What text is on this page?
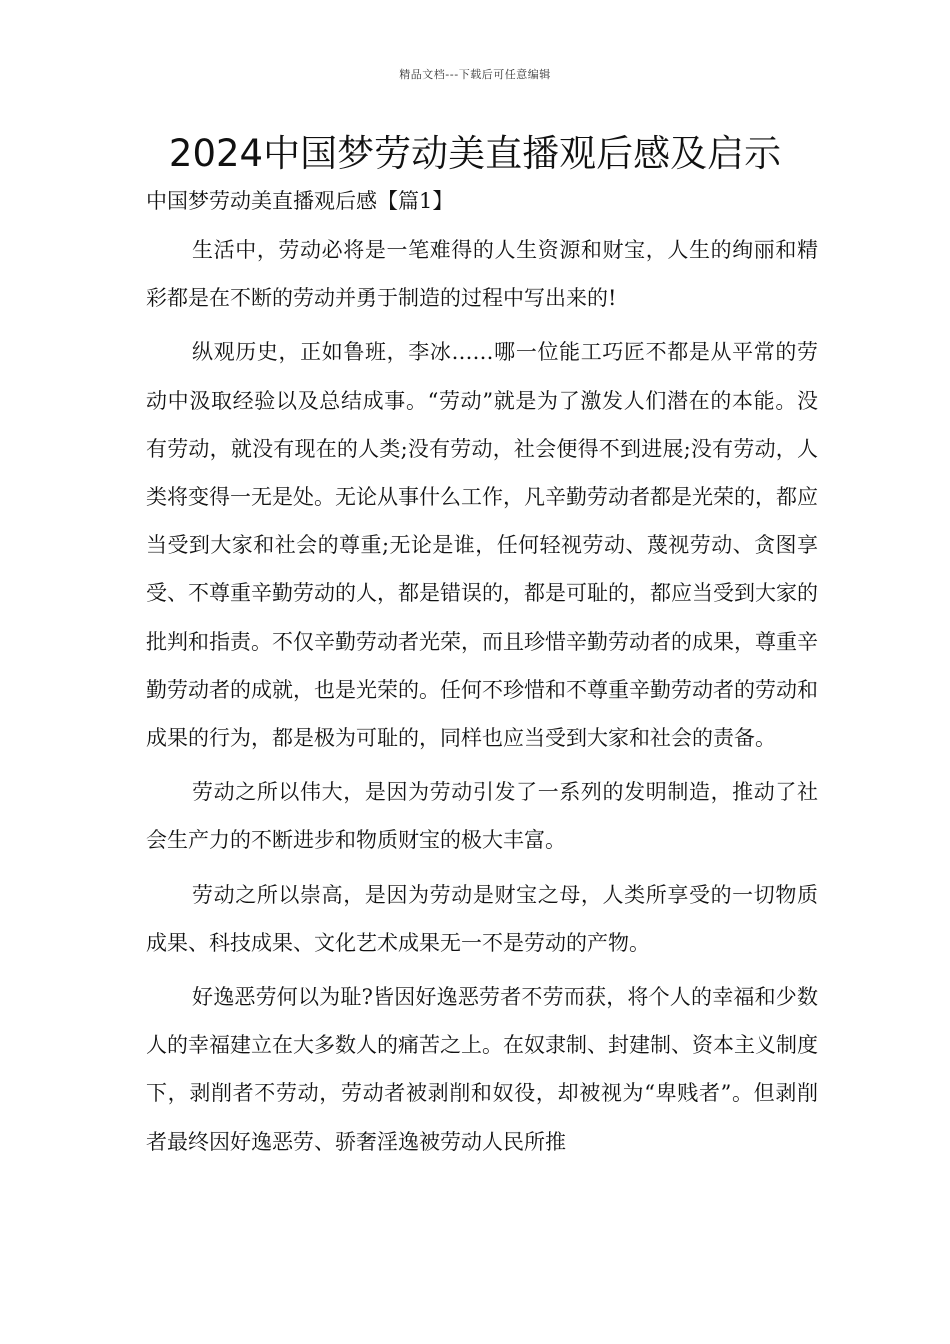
精品文档---下载后可任意编辑
2024中国梦劳动美直播观后感及启示
中国梦劳动美直播观后感【篇1】

生活中，劳动必将是一笔难得的人生资源和财宝，人生的绚丽和精彩都是在不断的劳动并勇于制造的过程中写出来的!

纵观历史，正如鲁班，李冰……哪一位能工巧匠不都是从平常的劳动中汲取经验以及总结成事。“劳动”就是为了激发人们潜在的本能。没有劳动，就没有现在的人类;没有劳动，社会便得不到进展;没有劳动，人类将变得一无是处。无论从事什么工作，凡辛勤劳动者都是光荣的，都应当受到大家和社会的尊重;无论是谁，任何轻视劳动、蔑视劳动、贪图享受、不尊重辛勤劳动的人，都是错误的，都是可耻的，都应当受到大家的批判和指责。不仅辛勤劳动者光荣，而且珍惜辛勤劳动者的成果，尊重辛勤劳动者的成就，也是光荣的。任何不珍惜和不尊重辛勤劳动者的劳动和成果的行为，都是极为可耻的，同样也应当受到大家和社会的责备。

劳动之所以伟大，是因为劳动引发了一系列的发明制造，推动了社会生产力的不断进步和物质财宝的极大丰富。

劳动之所以崇高，是因为劳动是财宝之母，人类所享受的一切物质成果、科技成果、文化艺术成果无一不是劳动的产物。

好逸恶劳何以为耻?皆因好逸恶劳者不劳而获，将个人的幸福和少数人的幸福建立在大多数人的痛苦之上。在奴隶制、封建制、资本主义制度下，剥削者不劳动，劳动者被剥削和奴役，却被视为“卑贱者”。但剥削者最终因好逸恶劳、骄奢淫逸被劳动人民所推
